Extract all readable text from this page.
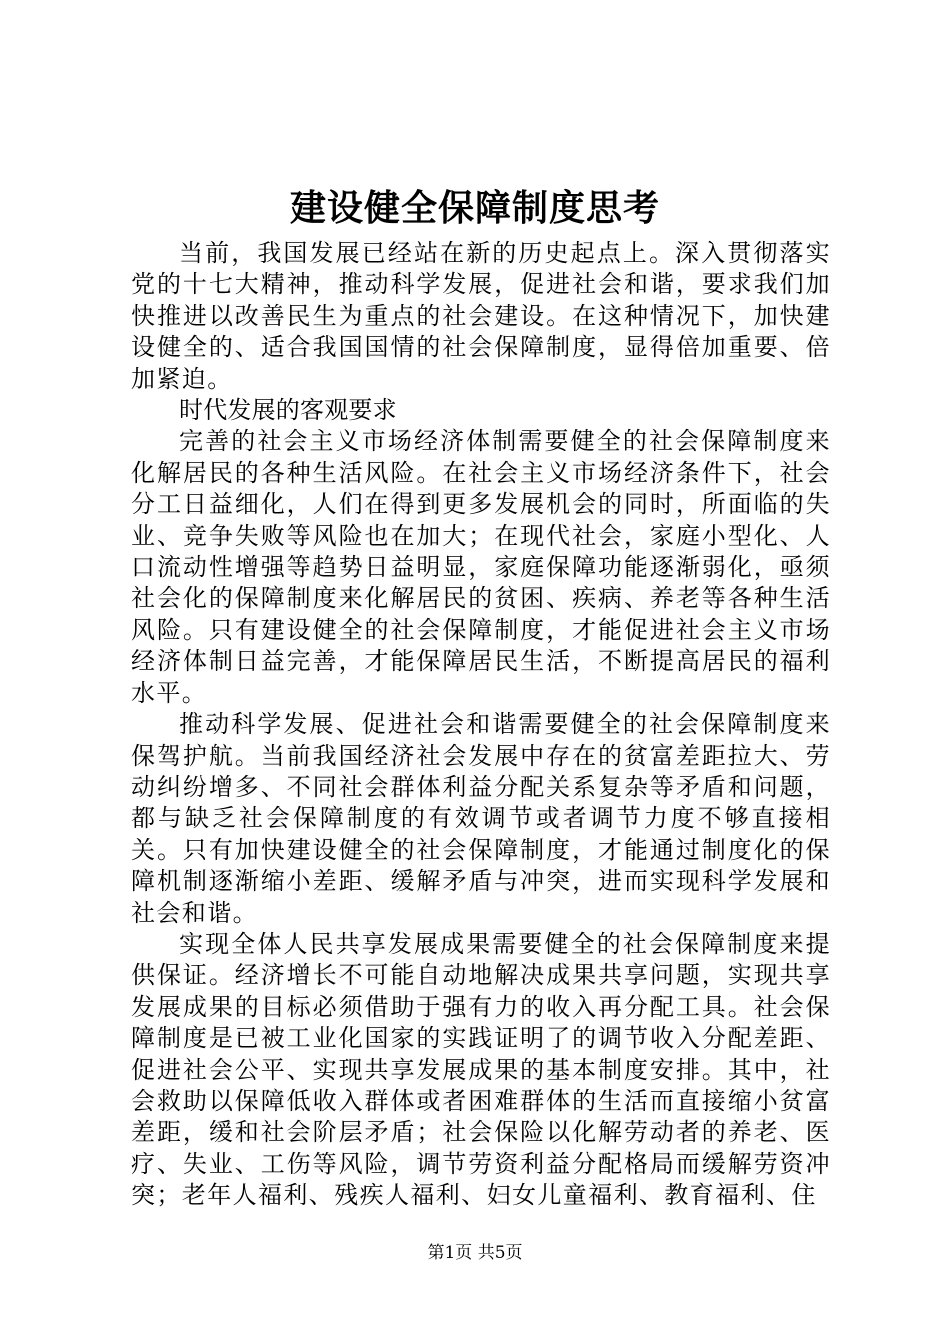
建设健全保障制度思考

当前，我国发展已经站在新的历史起点上。深入贯彻落实党的十七大精神，推动科学发展，促进社会和谐，要求我们加快推进以改善民生为重点的社会建设。在这种情况下，加快建设健全的、适合我国国情的社会保障制度，显得倍加重要、倍加紧迫。

时代发展的客观要求

完善的社会主义市场经济体制需要健全的社会保障制度来化解居民的各种生活风险。在社会主义市场经济条件下，社会分工日益细化，人们在得到更多发展机会的同时，所面临的失业、竞争失败等风险也在加大；在现代社会，家庭小型化、人口流动性增强等趋势日益明显，家庭保障功能逐渐弱化，亟须社会化的保障制度来化解居民的贫困、疾病、养老等各种生活风险。只有建设健全的社会保障制度，才能促进社会主义市场经济体制日益完善，才能保障居民生活，不断提高居民的福利水平。

推动科学发展、促进社会和谐需要健全的社会保障制度来保驾护航。当前我国经济社会发展中存在的贫富差距拉大、劳动纠纷增多、不同社会群体利益分配关系复杂等矛盾和问题，都与缺乏社会保障制度的有效调节或者调节力度不够直接相关。只有加快建设健全的社会保障制度，才能通过制度化的保障机制逐渐缩小差距、缓解矛盾与冲突，进而实现科学发展和社会和谐。

实现全体人民共享发展成果需要健全的社会保障制度来提供保证。经济增长不可能自动地解决成果共享问题，实现共享发展成果的目标必须借助于强有力的收入再分配工具。社会保障制度是已被工业化国家的实践证明了的调节收入分配差距、促进社会公平、实现共享发展成果的基本制度安排。其中，社会救助以保障低收入群体或者困难群体的生活而直接缩小贫富差距，缓和社会阶层矛盾；社会保险以化解劳动者的养老、医疗、失业、工伤等风险，调节劳资利益分配格局而缓解劳资冲突；老年人福利、残疾人福利、妇女儿童福利、教育福利、住

第1页 共5页
